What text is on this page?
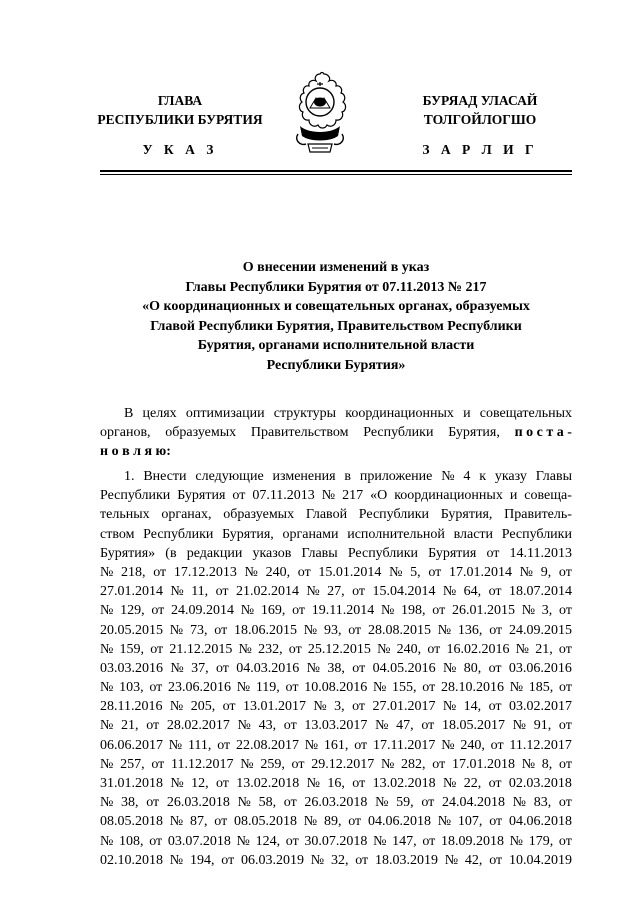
ГЛАВА
РЕСПУБЛИКИ БУРЯТИЯ
БУРЯАД УЛАСАЙ
ТОЛГОЙЛОГШО
У К А З	З А Р Л И Г
О внесении изменений в указ
Главы Республики Бурятия от 07.11.2013 № 217
«О координационных и совещательных органах, образуемых
Главой Республики Бурятия, Правительством Республики
Бурятия, органами исполнительной власти
Республики Бурятия»
В целях оптимизации структуры координационных и совещательных
органов, образуемых Правительством Республики Бурятия, п о с т а -
н о в л я ю:
1. Внести следующие изменения в приложение № 4 к указу Главы
Республики Бурятия от 07.11.2013 № 217 «О координационных и совеща-
тельных органах, образуемых Главой Республики Бурятия, Правитель-
ством Республики Бурятия, органами исполнительной власти Республики
Бурятия» (в редакции указов Главы Республики Бурятия от 14.11.2013
№ 218, от 17.12.2013 № 240, от 15.01.2014 № 5, от 17.01.2014 № 9, от
27.01.2014 № 11, от 21.02.2014 № 27, от 15.04.2014 № 64, от 18.07.2014
№ 129, от 24.09.2014 № 169, от 19.11.2014 № 198, от 26.01.2015 № 3, от
20.05.2015 № 73, от 18.06.2015 № 93, от 28.08.2015 № 136, от 24.09.2015
№ 159, от 21.12.2015 № 232, от 25.12.2015 № 240, от 16.02.2016 № 21, от
03.03.2016 № 37, от 04.03.2016 № 38, от 04.05.2016 № 80, от 03.06.2016
№ 103, от 23.06.2016 № 119, от 10.08.2016 № 155, от 28.10.2016 № 185, от
28.11.2016 № 205, от 13.01.2017 № 3, от 27.01.2017 № 14, от 03.02.2017
№ 21, от 28.02.2017 № 43, от 13.03.2017 № 47, от 18.05.2017 № 91, от
06.06.2017 № 111, от 22.08.2017 № 161, от 17.11.2017 № 240, от 11.12.2017
№ 257, от 11.12.2017 № 259, от 29.12.2017 № 282, от 17.01.2018 № 8, от
31.01.2018 № 12, от 13.02.2018 № 16, от 13.02.2018 № 22, от 02.03.2018
№ 38, от 26.03.2018 № 58, от 26.03.2018 № 59, от 24.04.2018 № 83, от
08.05.2018 № 87, от 08.05.2018 № 89, от 04.06.2018 № 107, от 04.06.2018
№ 108, от 03.07.2018 № 124, от 30.07.2018 № 147, от 18.09.2018 № 179, от
02.10.2018 № 194, от 06.03.2019 № 32, от 18.03.2019 № 42, от 10.04.2019
